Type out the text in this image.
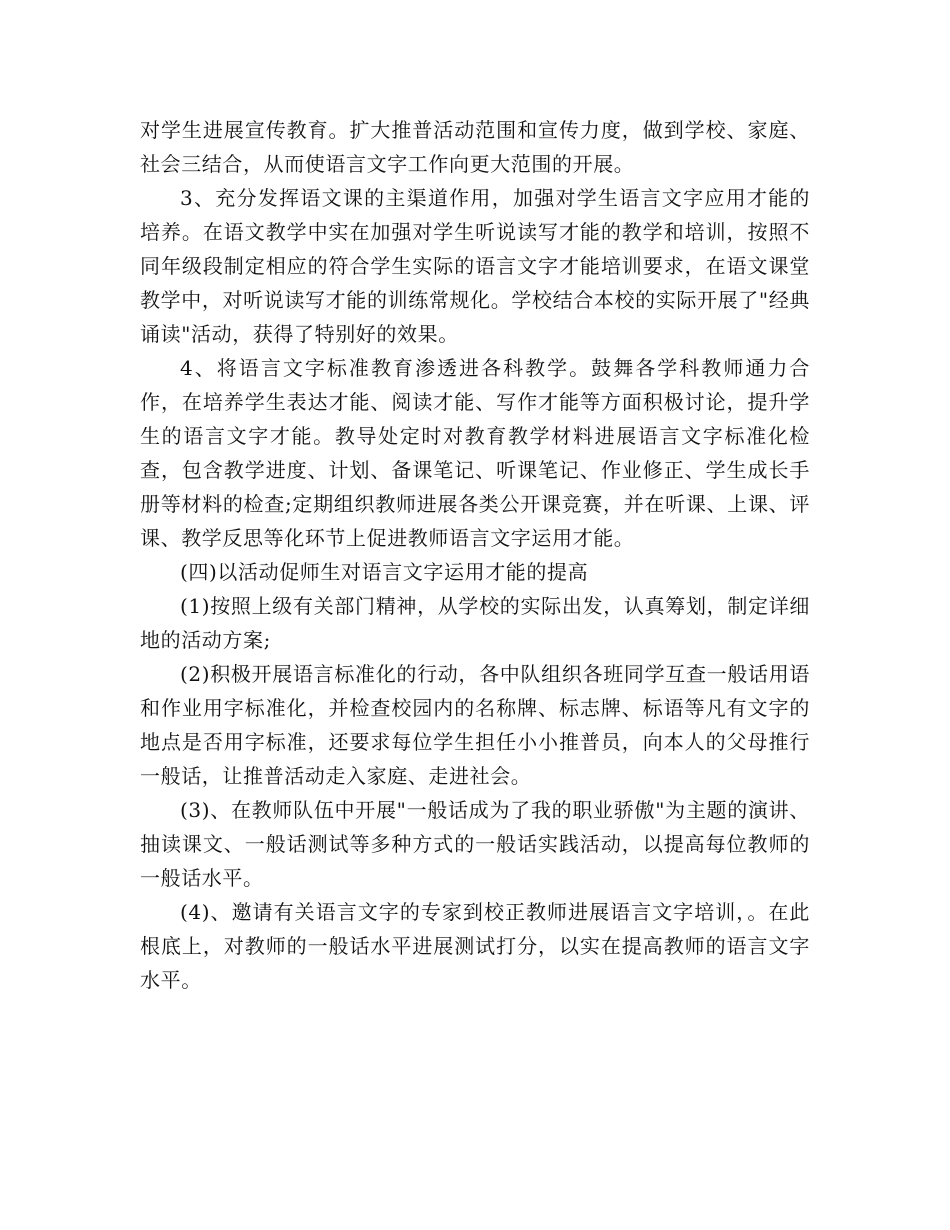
对学生进展宣传教育。扩大推普活动范围和宣传力度，做到学校、家庭、社会三结合，从而使语言文字工作向更大范围的开展。

3、充分发挥语文课的主渠道作用，加强对学生语言文字应用才能的培养。在语文教学中实在加强对学生听说读写才能的教学和培训，按照不同年级段制定相应的符合学生实际的语言文字才能培训要求，在语文课堂教学中，对听说读写才能的训练常规化。学校结合本校的实际开展了"经典诵读"活动，获得了特别好的效果。

4、将语言文字标准教育渗透进各科教学。鼓舞各学科教师通力合作，在培养学生表达才能、阅读才能、写作才能等方面积极讨论，提升学生的语言文字才能。教导处定时对教育教学材料进展语言文字标准化检查，包含教学进度、计划、备课笔记、听课笔记、作业修正、学生成长手册等材料的检查;定期组织教师进展各类公开课竞赛，并在听课、上课、评课、教学反思等化环节上促进教师语言文字运用才能。

(四)以活动促师生对语言文字运用才能的提高

(1)按照上级有关部门精神，从学校的实际出发，认真筹划，制定详细地的活动方案;

(2)积极开展语言标准化的行动，各中队组织各班同学互查一般话用语和作业用字标准化，并检查校园内的名称牌、标志牌、标语等凡有文字的地点是否用字标准，还要求每位学生担任小小推普员，向本人的父母推行一般话，让推普活动走入家庭、走进社会。

(3)、在教师队伍中开展"一般话成为了我的职业骄傲"为主题的演讲、抽读课文、一般话测试等多种方式的一般话实践活动，以提高每位教师的一般话水平。

(4)、邀请有关语言文字的专家到校正教师进展语言文字培训，。在此根底上，对教师的一般话水平进展测试打分，以实在提高教师的语言文字水平。
